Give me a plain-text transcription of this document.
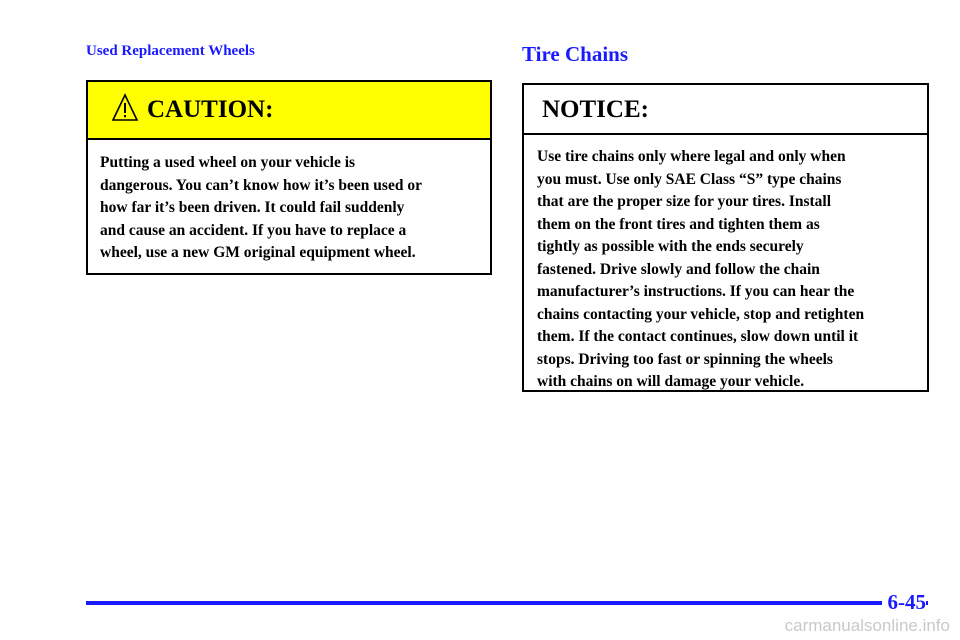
Used Replacement Wheels
CAUTION:
Putting a used wheel on your vehicle is
dangerous. You can’t know how it’s been used or
how far it’s been driven. It could fail suddenly
and cause an accident. If you have to replace a
wheel, use a new GM original equipment wheel.
Tire Chains
NOTICE:
Use tire chains only where legal and only when
you must. Use only SAE Class “S” type chains
that are the proper size for your tires. Install
them on the front tires and tighten them as
tightly as possible with the ends securely
fastened. Drive slowly and follow the chain
manufacturer’s instructions. If you can hear the
chains contacting your vehicle, stop and retighten
them. If the contact continues, slow down until it
stops. Driving too fast or spinning the wheels
with chains on will damage your vehicle.
6-45
carmanualsonline.info
